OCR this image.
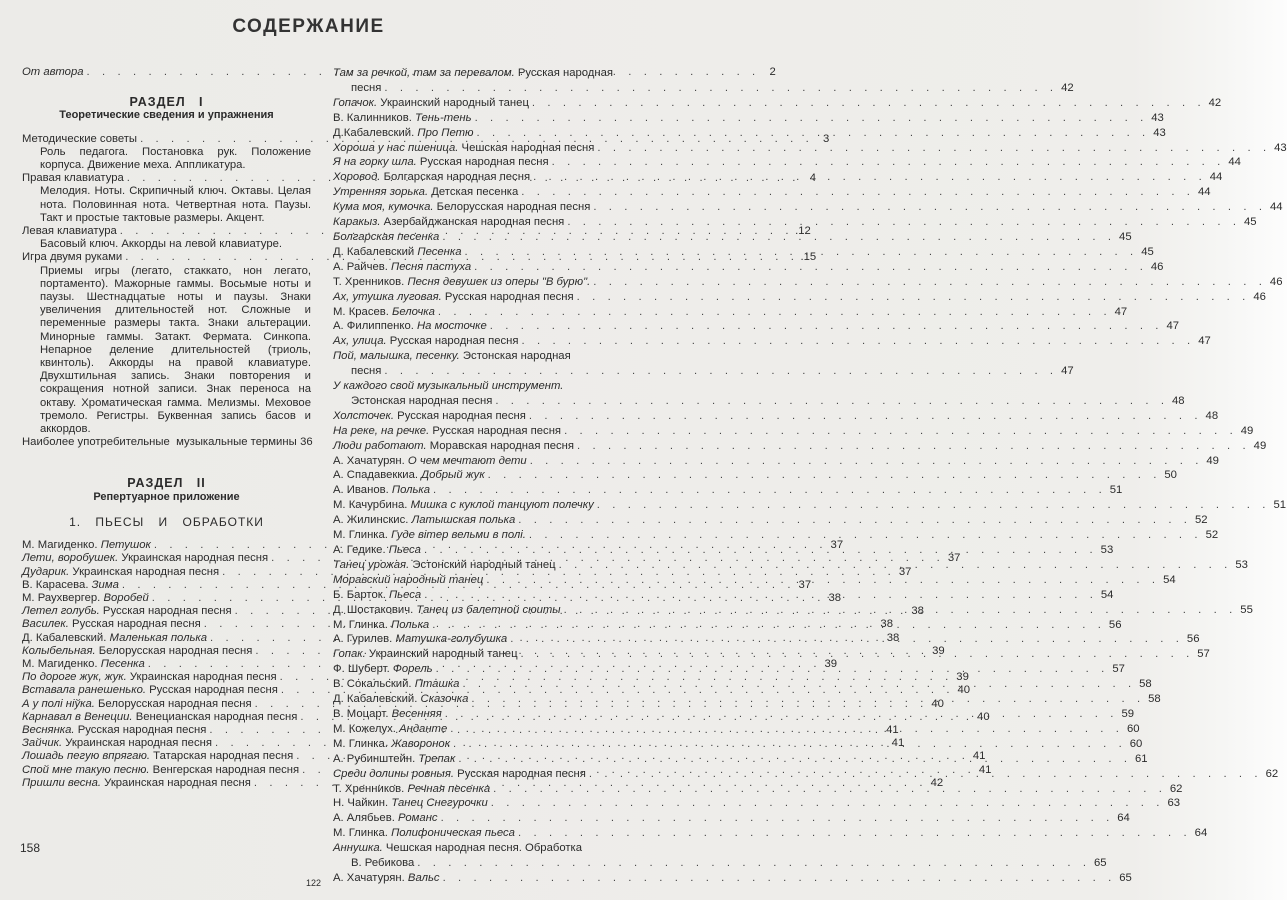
СОДЕРЖАНИЕ
От автора . . .	2
РАЗДЕЛ   I
Теоретические сведения и упражнения
Методические советы . . .	3
Роль педагога. Постановка рук. Положение корпуса. Движение меха. Аппликатура.
Правая клавиатура . . .	4
Мелодия. Ноты. Скрипичный ключ. Октавы. Целая нота. Половинная нота. Четвертная нота. Паузы. Такт и простые тактовые размеры. Акцент.
Левая клавиатура . . .	.12
Басовый ключ. Аккорды на левой клавиатуре.
Игра двумя руками . . .	.15
Приемы игры (легато, стаккато, нон легато, портаменто). Мажорные гаммы. Восьмые ноты и паузы. Шестнадцатые ноты и паузы. Знаки увеличения длительностей нот. Сложные и переменные размеры такта. Знаки альтерации. Минорные гаммы. Затакт. Фермата. Синкопа. Непарное деление длительностей (триоль, квинтоль). Аккорды на правой клавиатуре. Двухштильная запись. Знаки повторения и сокращения нотной записи. Знак переноса на октаву. Хроматическая гамма. Мелизмы. Меховое тремоло. Регистры. Буквенная запись басов и аккордов.
Наиболее употребительные  музыкальные термины 36
РАЗДЕЛ   II
Репертуарное приложение
1. ПЬЕСЫ И ОБРАБОТКИ
М. Магиденко. Петушок . . .	37
Лети, воробушек. Украинская народная песня . . .	37
Дударик. Украинская народная песня . . .	37
В. Карасева. Зима . . .	37
М. Раухвергер. Воробей . . .	38
Летел голубь. Русская народная песня . . .	38
Василек. Русская народная песня . . .	38
Д. Кабалевский. Маленькая полька . . .	38
Колыбельная. Белорусская народная песня . . .	39
М. Магиденко. Песенка . . .	39
По дороге жук, жук. Украинская народная песня . . .	39
Вставала ранешенько. Русская народная песня . . .	40
А у полі ніўка. Белорусская народная песня . . .	40
Карнавал в Венеции. Венецианская народная песня . . .	40
Веснянка. Русская народная песня . . .	41
Зайчик. Украинская народная песня . . .	41
Лошадь пегую впрягаю. Татарская народная песня . . .	41
Спой мне такую песню. Венгерская народная песня . . .	41
Пришли весна. Украинская народная песня . . .	42
Там за речкой, там за перевалом. Русская народная
песня . . .	42
Гопачок. Украинский народный танец . . .	42
В. Калинников. Тень-тень . . .	43
Д.Кабалевский. Про Петю . . .	43
Хороша у нас пшеница. Чешская народная песня . . .	43
Я на горку шла. Русская народная песня . . .	44
Хоровод. Болгарская народная песня . . .	44
Утренняя зорька. Детская песенка . . .	44
Кума моя, кумочка. Белорусская народная песня . . .	44
Каракыз. Азербайджанская народная песня . . .	45
Болгарская песенка . . .	45
Д. Кабалевский Песенка . . .	45
А. Райчев. Песня пастуха . . .	46
Т. Хренников. Песня девушек из оперы "В бурю". . . .	46
Ах, утушка луговая. Русская народная песня . . .	46
М. Красев. Белочка . . .	47
А. Филиппенко. На мосточке . . .	47
Ах, улица. Русская народная песня . . .	47
Пой, малышка, песенку. Эстонская народная
песня . . .	47
У каждого свой музыкальный инструмент.
Эстонская народная песня . . .	48
Холсточек. Русская народная песня . . .	48
На реке, на речке. Русская народная песня . . .	49
Люди работают. Моравская народная песня . . .	49
А. Хачатурян. О чем мечтают дети . . .	49
А. Спадавеккиа. Добрый жук . . .	50
А. Иванов. Полька . . .	51
М. Качурбина. Мишка с куклой танцуют полечку . . .	51
А. Жилинскис. Латышская полька . . .	52
М. Глинка. Гуде вітер вельми в полі. . . .	52
А. Гедике. Пьеса . . .	53
Танец урожая. Эстонский народный танец . . .	53
Моравский народный танец . . .	54
Б. Барток. Пьеса . . .	54
Д. Шостакович. Танец из балетной сюиты . . .	55
М. Глинка. Полька . . .	56
А. Гурилев. Матушка-голубушка . . .	56
Гопак. Украинский народный танец . . .	57
Ф. Шуберт. Форель . . .	57
В. Сокальский. Пташка . . .	58
Д. Кабалевский. Сказочка . . .	58
В. Моцарт. Весенняя . . .	59
М. Кожелух. Анданте . . .	60
М. Глинка. Жаворонок . . .	60
А. Рубинштейн. Трепак . . .	61
Среди долины ровныя. Русская народная песня . . .	62
Т. Хренников. Речная песенка . . .	62
Н. Чайкин. Танец Снегурочки . . .	63
А. Алябьев. Романс . . .	64
М. Глинка. Полифоническая пьеса . . .	64
Аннушка. Чешская народная песня. Обработка
В. Ребикова . . .	65
А. Хачатурян. Вальс . . .	65
158
122
